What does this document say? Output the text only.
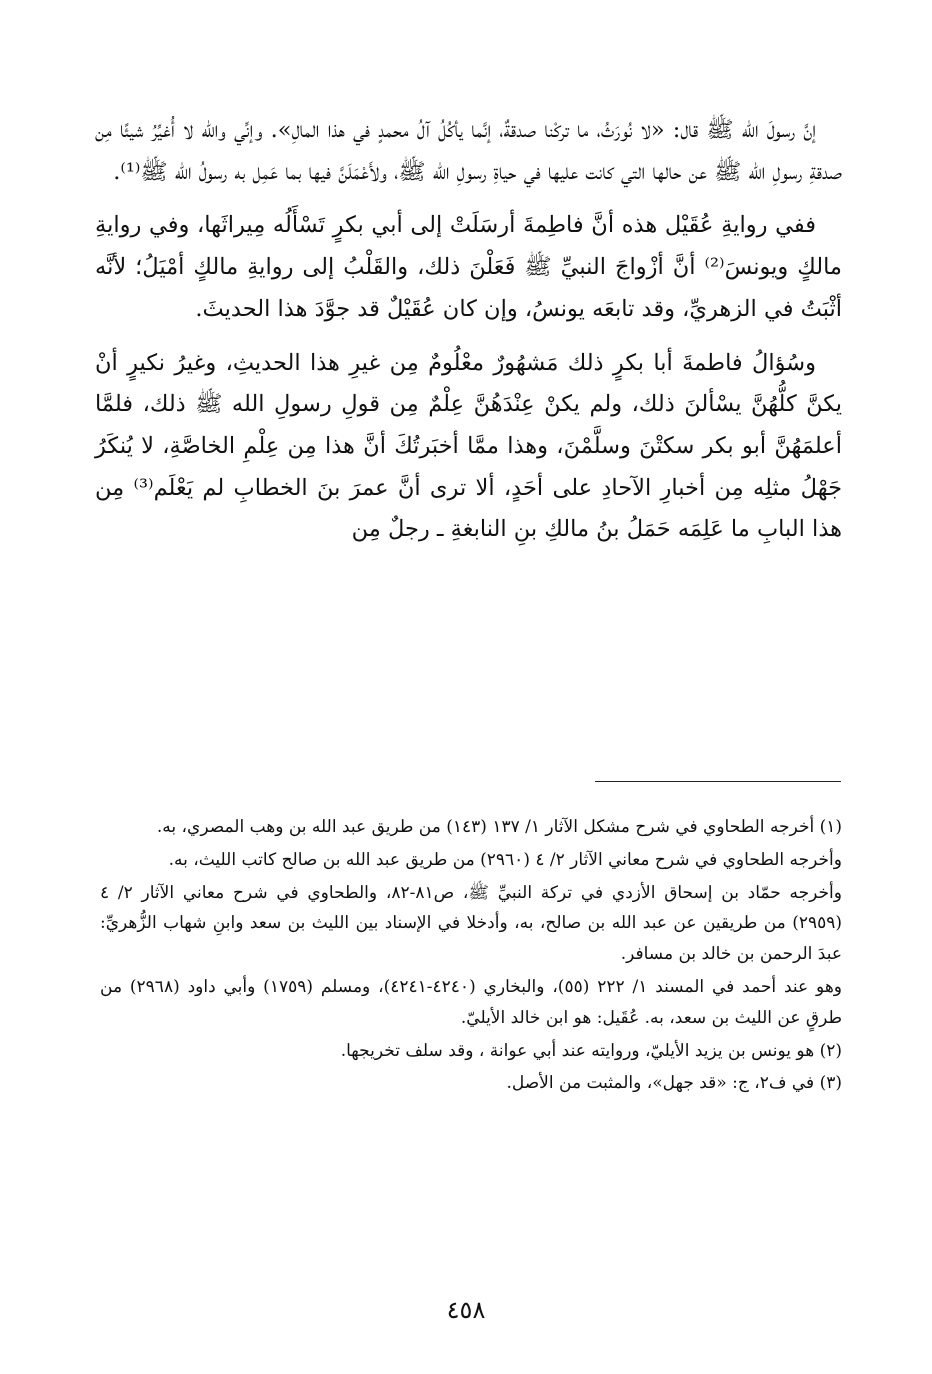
إنَّ رسولَ الله ﷺ قال: «لا نُورَثُ، ما تركْنا صدقةٌ، إنَّما يأكُلُ آلُ محمدٍ في هذا المالِ». وإنِّي والله لا أُغيِّرُ شيئًا مِن صدقةِ رسولِ الله ﷺ عن حالها التي كانت عليها في حياةِ رسولِ الله ﷺ، ولأَعْمَلَنَّ فيها بما عَمِل به رسولُ الله ﷺ⁽¹⁾.

ففي روايةِ عُقَيْل هذه أنَّ فاطِمةَ أرسَلَتْ إلى أبي بكرٍ تَسْأَلُه مِيراثَها، وفي روايةِ مالكٍ ويونسَ⁽²⁾ أنَّ أزْواجَ النبيِّ ﷺ فَعَلْنَ ذلك، والقَلْبُ إلى روايةِ مالكٍ أمْيَلُ؛ لأنَّه أثْبَتُ في الزهريِّ، وقد تابعَه يونسُ، وإن كان عُقَيْلٌ قد جوَّدَ هذا الحديثَ.

وسُؤالُ فاطمةَ أبا بكرٍ ذلك مَشهُورٌ معْلُومٌ مِن غيرِ هذا الحديثِ، وغيرُ نكيرٍ أنْ يكنَّ كلُّهُنَّ يسْألنَ ذلك، ولم يكنْ عِنْدَهُنَّ عِلْمٌ مِن قولِ رسولِ الله ﷺ ذلك، فلمَّا أعلمَهُنَّ أبو بكر سكتْنَ وسلَّمْنَ، وهذا ممَّا أخبَرتُكَ أنَّ هذا مِن عِلْمِ الخاصَّةِ، لا يُنكَرُ جَهْلُ مثلِه مِن أخبارِ الآحادِ على أحَدٍ، ألا ترى أنَّ عمرَ بنَ الخطابِ لم يَعْلَم⁽³⁾ مِن هذا البابِ ما عَلِمَه حَمَلُ بنُ مالكِ بنِ النابغةِ ـ رجلٌ مِن

(١) أخرجه الطحاوي في شرح مشكل الآثار ١/ ١٣٧ (١٤٣) من طريق عبد الله بن وهب المصري، به.

وأخرجه الطحاوي في شرح معاني الآثار ٢/ ٤ (٢٩٦٠) من طريق عبد الله بن صالح كاتب الليث، به.

وأخرجه حمّاد بن إسحاق الأزدي في تركة النبيِّ ﷺ، ص٨١-٨٢، والطحاوي في شرح معاني الآثار ٢/ ٤ (٢٩٥٩) من طريقين عن عبد الله بن صالح، به، وأدخلا في الإسناد بين الليث بن سعد وابنِ شهاب الزُّهريِّ: عبدَ الرحمن بن خالد بن مسافر.

وهو عند أحمد في المسند ١/ ٢٢٢ (٥٥)، والبخاري (٤٢٤٠-٤٢٤١)، ومسلم (١٧٥٩) وأبي داود (٢٩٦٨) من طرقٍ عن الليث بن سعد، به. عُقَيل: هو ابن خالد الأيليّ.

(٢) هو يونس بن يزيد الأيليّ، وروايته عند أبي عوانة ، وقد سلف تخريجها.

(٣) في ف٢، ج: «قد جهل»، والمثبت من الأصل.

٤٥٨
